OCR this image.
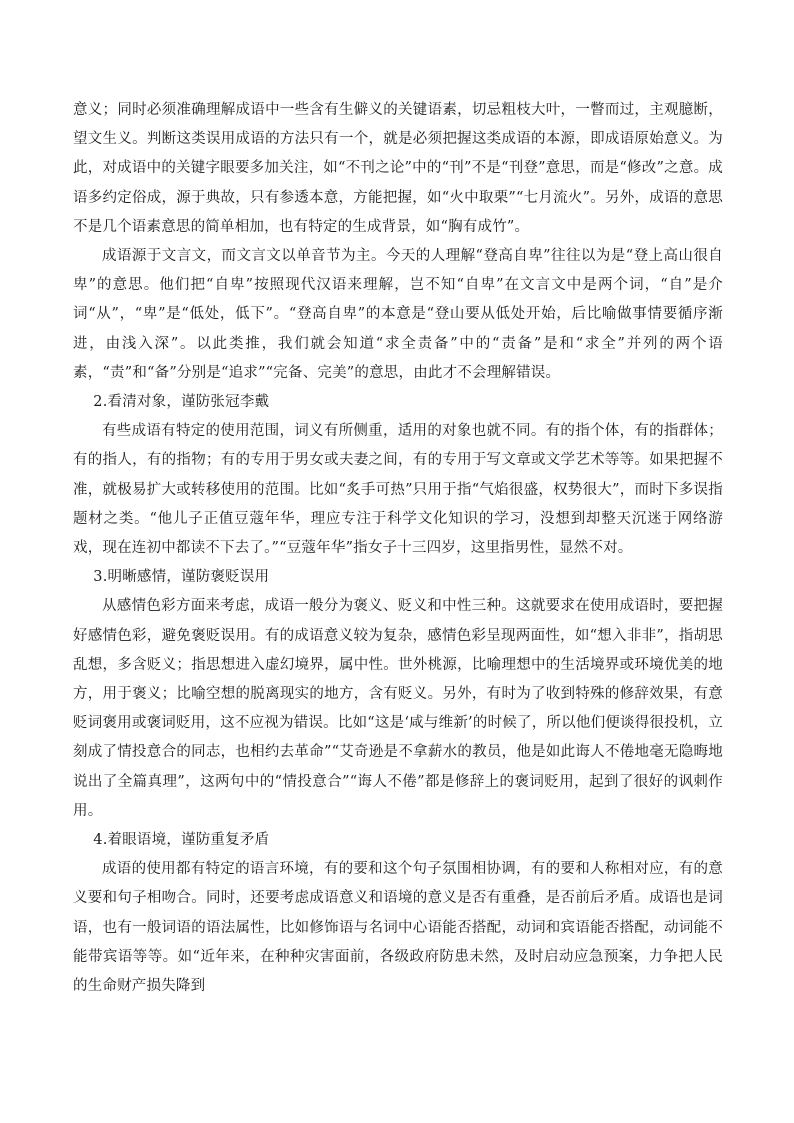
意义；同时必须准确理解成语中一些含有生僻义的关键语素，切忌粗枝大叶，一瞥而过，主观臆断，望文生义。判断这类误用成语的方法只有一个，就是必须把握这类成语的本源，即成语原始意义。为此，对成语中的关键字眼要多加关注，如“不刊之论”中的“刊”不是“刊登”意思，而是“修改”之意。成语多约定俗成，源于典故，只有参透本意，方能把握，如“火中取栗”“七月流火”。另外，成语的意思不是几个语素意思的简单相加，也有特定的生成背景，如“胸有成竹”。

成语源于文言文，而文言文以单音节为主。今天的人理解“登高自卑”往往以为是“登上高山很自卑”的意思。他们把“自卑”按照现代汉语来理解，岂不知“自卑”在文言文中是两个词，“自”是介词“从”，“卑”是“低处，低下”。“登高自卑”的本意是“登山要从低处开始，后比喻做事情要循序渐进，由浅入深”。以此类推，我们就会知道“求全责备”中的“责备”是和“求全”并列的两个语素，“责”和“备”分别是“追求”“完备、完美”的意思，由此才不会理解错误。

2.看清对象，谨防张冠李戴

有些成语有特定的使用范围，词义有所侧重，适用的对象也就不同。有的指个体，有的指群体；有的指人，有的指物；有的专用于男女或夫妻之间，有的专用于写文章或文学艺术等等。如果把握不准，就极易扩大或转移使用的范围。比如“炙手可热”只用于指“气焰很盛，权势很大”，而时下多误指题材之类。“他儿子正值豆蔻年华，理应专注于科学文化知识的学习，没想到却整天沉迷于网络游戏，现在连初中都读不下去了。”“豆蔻年华”指女子十三四岁，这里指男性，显然不对。

3.明晰感情，谨防褒贬误用

从感情色彩方面来考虑，成语一般分为褒义、贬义和中性三种。这就要求在使用成语时，要把握好感情色彩，避免褒贬误用。有的成语意义较为复杂，感情色彩呈现两面性，如“想入非非”，指胡思乱想，多含贬义；指思想进入虚幻境界，属中性。世外桃源，比喻理想中的生活境界或环境优美的地方，用于褒义；比喻空想的脱离现实的地方，含有贬义。另外，有时为了收到特殊的修辞效果，有意贬词褒用或褒词贬用，这不应视为错误。比如“这是‘咸与维新’的时候了，所以他们便谈得很投机，立刻成了情投意合的同志，也相约去革命”“艾奇逊是不拿薪水的教员，他是如此诲人不倦地毫无隐晦地说出了全篇真理”，这两句中的“情投意合”“诲人不倦”都是修辞上的褒词贬用，起到了很好的讽刺作用。

4.着眼语境，谨防重复矛盾

成语的使用都有特定的语言环境，有的要和这个句子氛围相协调，有的要和人称相对应，有的意义要和句子相吻合。同时，还要考虑成语意义和语境的意义是否有重叠，是否前后矛盾。成语也是词语，也有一般词语的语法属性，比如修饰语与名词中心语能否搭配，动词和宾语能否搭配，动词能不能带宾语等等。如“近年来，在种种灾害面前，各级政府防患未然，及时启动应急预案，力争把人民的生命财产损失降到
